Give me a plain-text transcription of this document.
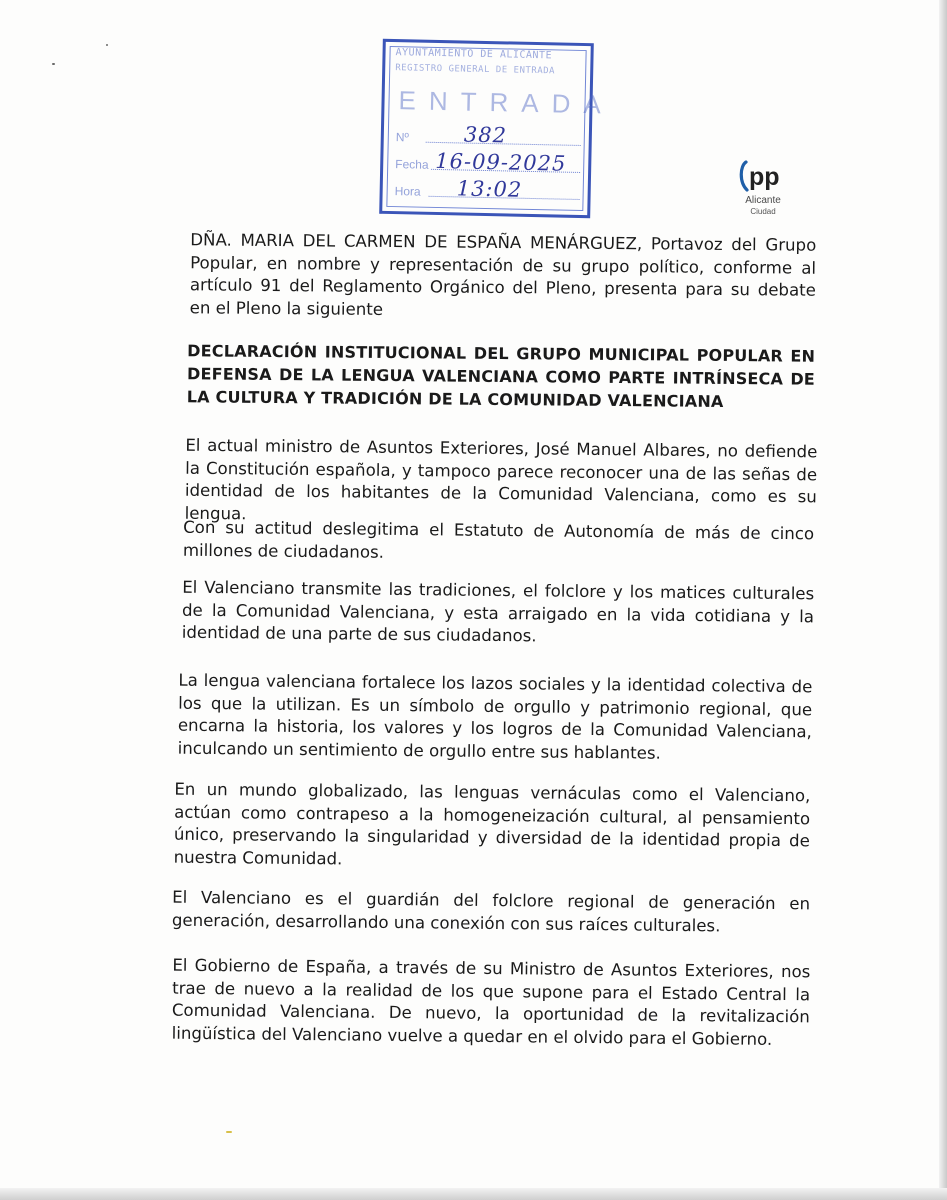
AYUNTAMIENTO DE ALICANTE
REGISTRO GENERAL DE ENTRADA
ENTRADA
Nº	382
Fecha 16-09-2025
Hora 13:02	pp
Alicante
Ciudad
DÑA. MARIA DEL CARMEN DE ESPAÑA MENÁRGUEZ, Portavoz del Grupo Popular, en nombre y representación de su grupo político, conforme al artículo 91 del Reglamento Orgánico del Pleno, presenta para su debate en el Pleno la siguiente
DECLARACIÓN INSTITUCIONAL DEL GRUPO MUNICIPAL POPULAR EN DEFENSA DE LA LENGUA VALENCIANA COMO PARTE INTRÍNSECA DE LA CULTURA Y TRADICIÓN DE LA COMUNIDAD VALENCIANA
El actual ministro de Asuntos Exteriores, José Manuel Albares, no defiende la Constitución española, y tampoco parece reconocer una de las señas de identidad de los habitantes de la Comunidad Valenciana, como es su lengua.
Con su actitud deslegitima el Estatuto de Autonomía de más de cinco millones de ciudadanos.
El Valenciano transmite las tradiciones, el folclore y los matices culturales de la Comunidad Valenciana, y esta arraigado en la vida cotidiana y la identidad de una parte de sus ciudadanos.
La lengua valenciana fortalece los lazos sociales y la identidad colectiva de los que la utilizan. Es un símbolo de orgullo y patrimonio regional, que encarna la historia, los valores y los logros de la Comunidad Valenciana, inculcando un sentimiento de orgullo entre sus hablantes.
En un mundo globalizado, las lenguas vernáculas como el Valenciano, actúan como contrapeso a la homogeneización cultural, al pensamiento único, preservando la singularidad y diversidad de la identidad propia de nuestra Comunidad.
El Valenciano es el guardián del folclore regional de generación en generación, desarrollando una conexión con sus raíces culturales.
El Gobierno de España, a través de su Ministro de Asuntos Exteriores, nos trae de nuevo a la realidad de los que supone para el Estado Central la Comunidad Valenciana. De nuevo, la oportunidad de la revitalización lingüística del Valenciano vuelve a quedar en el olvido para el Gobierno.
